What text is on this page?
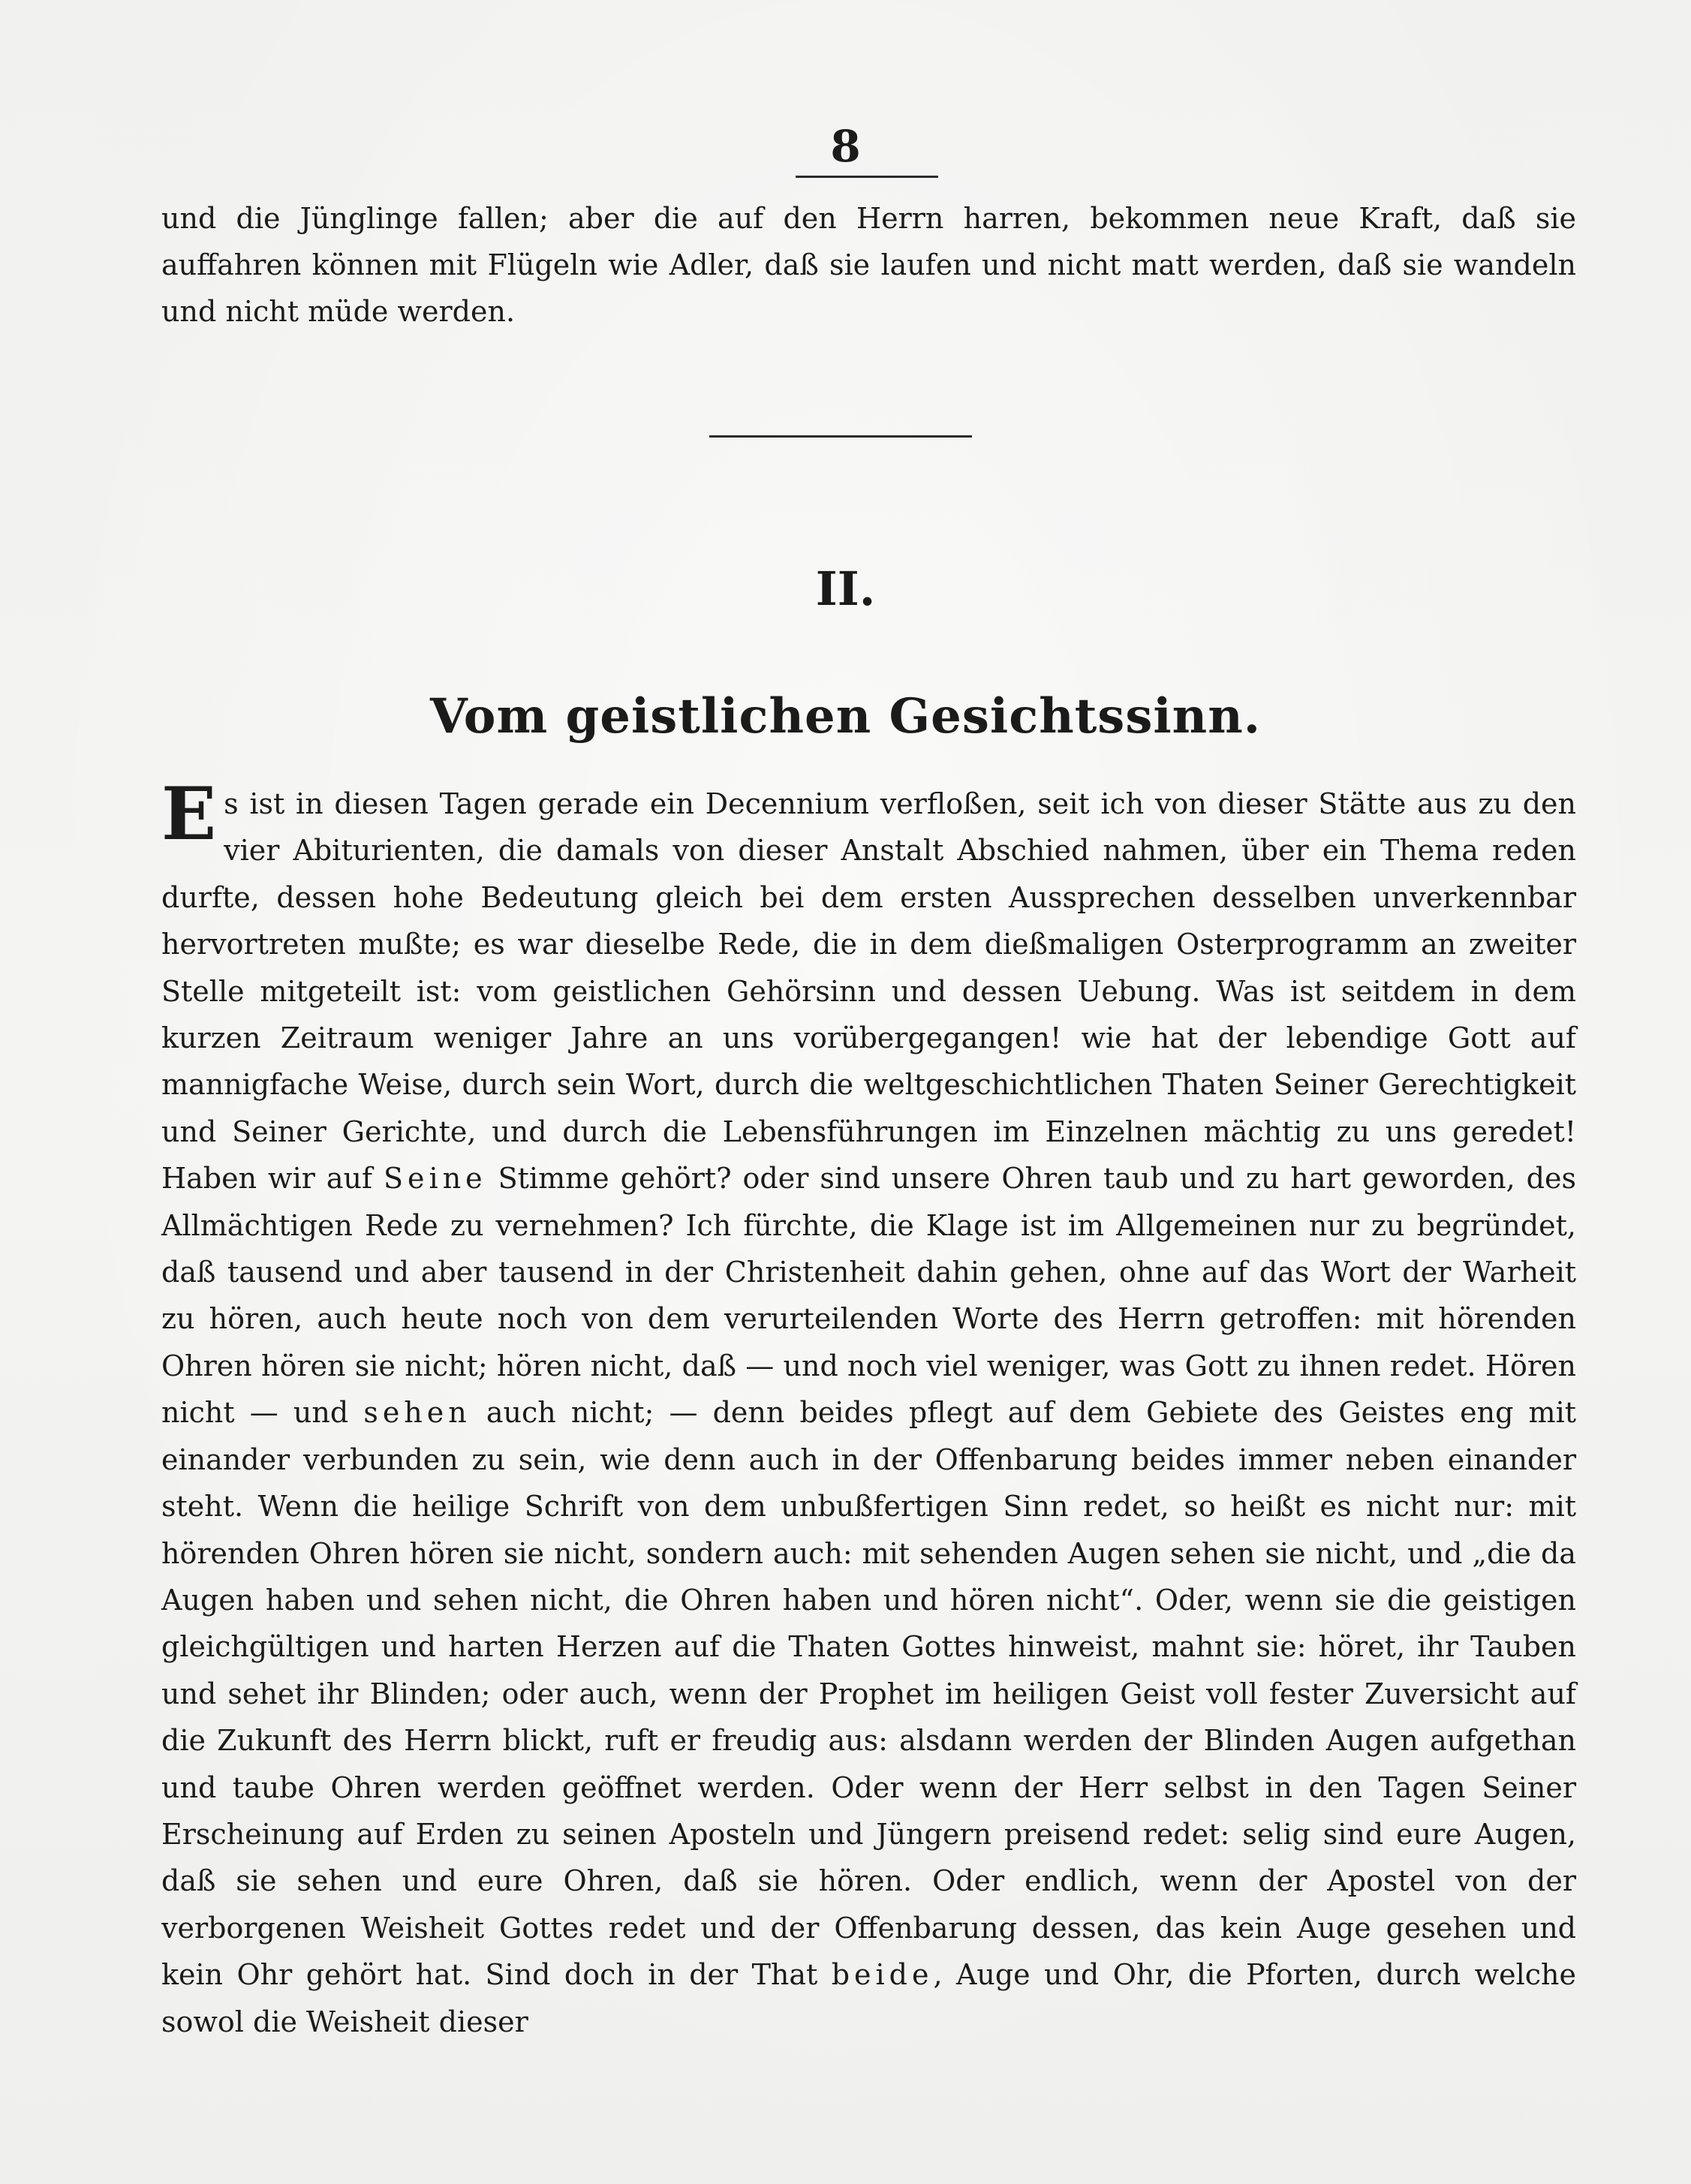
8

und die Jünglinge fallen; aber die auf den Herrn harren, bekommen neue Kraft, daß sie auffahren können mit Flügeln wie Adler, daß sie laufen und nicht matt werden, daß sie wandeln und nicht müde werden.

II.
Vom geistlichen Gesichtssinn.

Es ist in diesen Tagen gerade ein Decennium verfloßen, seit ich von dieser Stätte aus zu den vier Abiturienten, die damals von dieser Anstalt Abschied nahmen, über ein Thema reden durfte, dessen hohe Bedeutung gleich bei dem ersten Aussprechen desselben unverkennbar hervortreten mußte; es war dieselbe Rede, die in dem dießmaligen Osterprogramm an zweiter Stelle mitgeteilt ist: vom geistlichen Gehörsinn und dessen Uebung. Was ist seitdem in dem kurzen Zeitraum weniger Jahre an uns vorübergegangen! wie hat der lebendige Gott auf mannigfache Weise, durch sein Wort, durch die weltgeschichtlichen Thaten Seiner Gerechtigkeit und Seiner Gerichte, und durch die Lebensführungen im Einzelnen mächtig zu uns geredet! Haben wir auf Seine Stimme gehört? oder sind unsere Ohren taub und zu hart geworden, des Allmächtigen Rede zu vernehmen? Ich fürchte, die Klage ist im Allgemeinen nur zu begründet, daß tausend und aber tausend in der Christenheit dahin gehen, ohne auf das Wort der Warheit zu hören, auch heute noch von dem verurteilenden Worte des Herrn getroffen: mit hörenden Ohren hören sie nicht; hören nicht, daß — und noch viel weniger, was Gott zu ihnen redet. Hören nicht — und sehen auch nicht; — denn beides pflegt auf dem Gebiete des Geistes eng mit einander verbunden zu sein, wie denn auch in der Offenbarung beides immer neben einander steht. Wenn die heilige Schrift von dem unbußfertigen Sinn redet, so heißt es nicht nur: mit hörenden Ohren hören sie nicht, sondern auch: mit sehenden Augen sehen sie nicht, und „die da Augen haben und sehen nicht, die Ohren haben und hören nicht“. Oder, wenn sie die geistigen gleichgültigen und harten Herzen auf die Thaten Gottes hinweist, mahnt sie: höret, ihr Tauben und sehet ihr Blinden; oder auch, wenn der Prophet im heiligen Geist voll fester Zuversicht auf die Zukunft des Herrn blickt, ruft er freudig aus: alsdann werden der Blinden Augen aufgethan und taube Ohren werden geöffnet werden. Oder wenn der Herr selbst in den Tagen Seiner Erscheinung auf Erden zu seinen Aposteln und Jüngern preisend redet: selig sind eure Augen, daß sie sehen und eure Ohren, daß sie hören. Oder endlich, wenn der Apostel von der verborgenen Weisheit Gottes redet und der Offenbarung dessen, das kein Auge gesehen und kein Ohr gehört hat. Sind doch in der That beide, Auge und Ohr, die Pforten, durch welche sowol die Weisheit dieser
